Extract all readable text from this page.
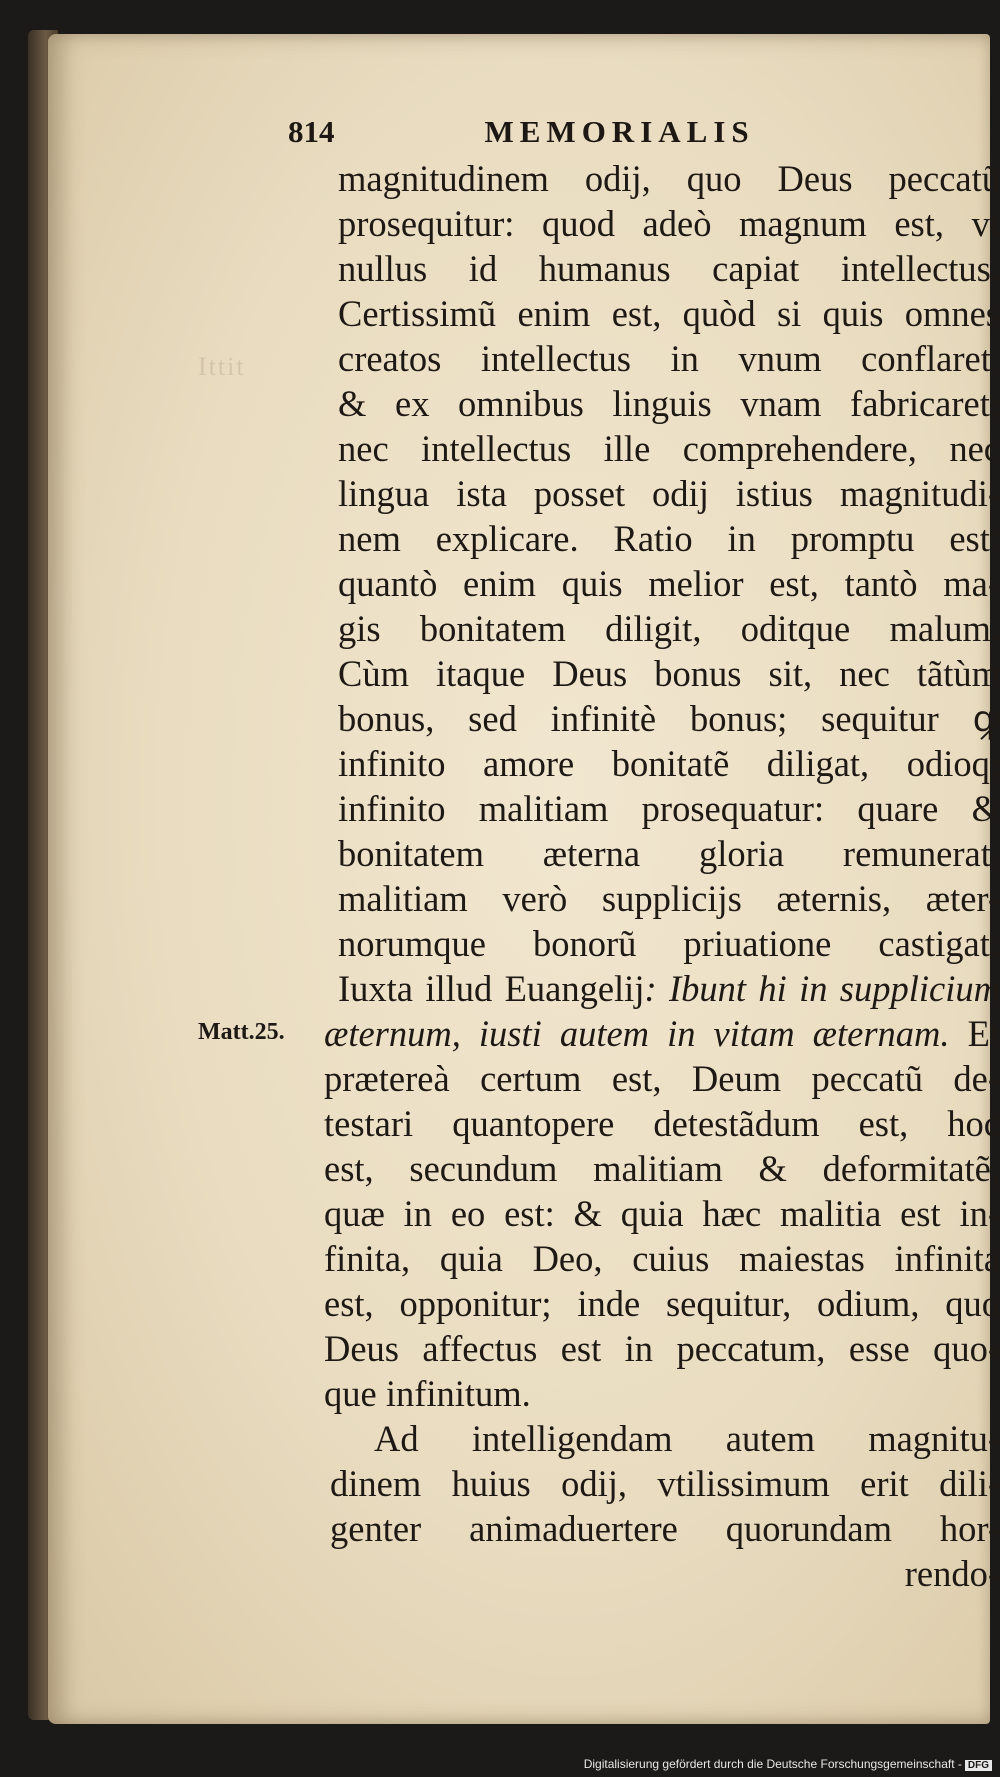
Ittit
814	MEMORIALIS
Matt.25.
magnitudinem odij, quo Deus peccatũ
prosequitur: quod adeò magnum est, vt
nullus id humanus capiat intellectus.
Certissimũ enim est, quòd si quis omnes
creatos intellectus in vnum conflaret,
& ex omnibus linguis vnam fabricaret;
nec intellectus ille comprehendere, nec
lingua ista posset odij istius magnitudi-
nem explicare. Ratio in promptu est:
quantò enim quis melior est, tantò ma-
gis bonitatem diligit, oditque malum.
Cùm itaque Deus bonus sit, nec tãtùm
bonus, sed infinitè bonus; sequitur ꝙ
infinito amore bonitatẽ diligat, odioq;
infinito malitiam prosequatur: quare &
bonitatem æterna gloria remunerat,
malitiam verò supplicijs æternis, æter-
norumque bonorũ priuatione castigat:
Iuxta illud Euangelij: Ibunt hi in supplicium
æternum, iusti autem in vitam æternam. Et
prætereà certum est, Deum peccatũ de-
testari quantopere detestãdum est, hoc
est, secundum malitiam & deformitatẽ,
quæ in eo est: & quia hæc malitia est in-
finita, quia Deo, cuius maiestas infinita
est, opponitur; inde sequitur, odium, quo
Deus affectus est in peccatum, esse quo-
que infinitum.
Ad intelligendam autem magnitu-
dinem huius odij, vtilissimum erit dili-
genter animaduertere quorundam hor-
rendo-
Digitalisierung gefördert durch die Deutsche Forschungsgemeinschaft - DFG
